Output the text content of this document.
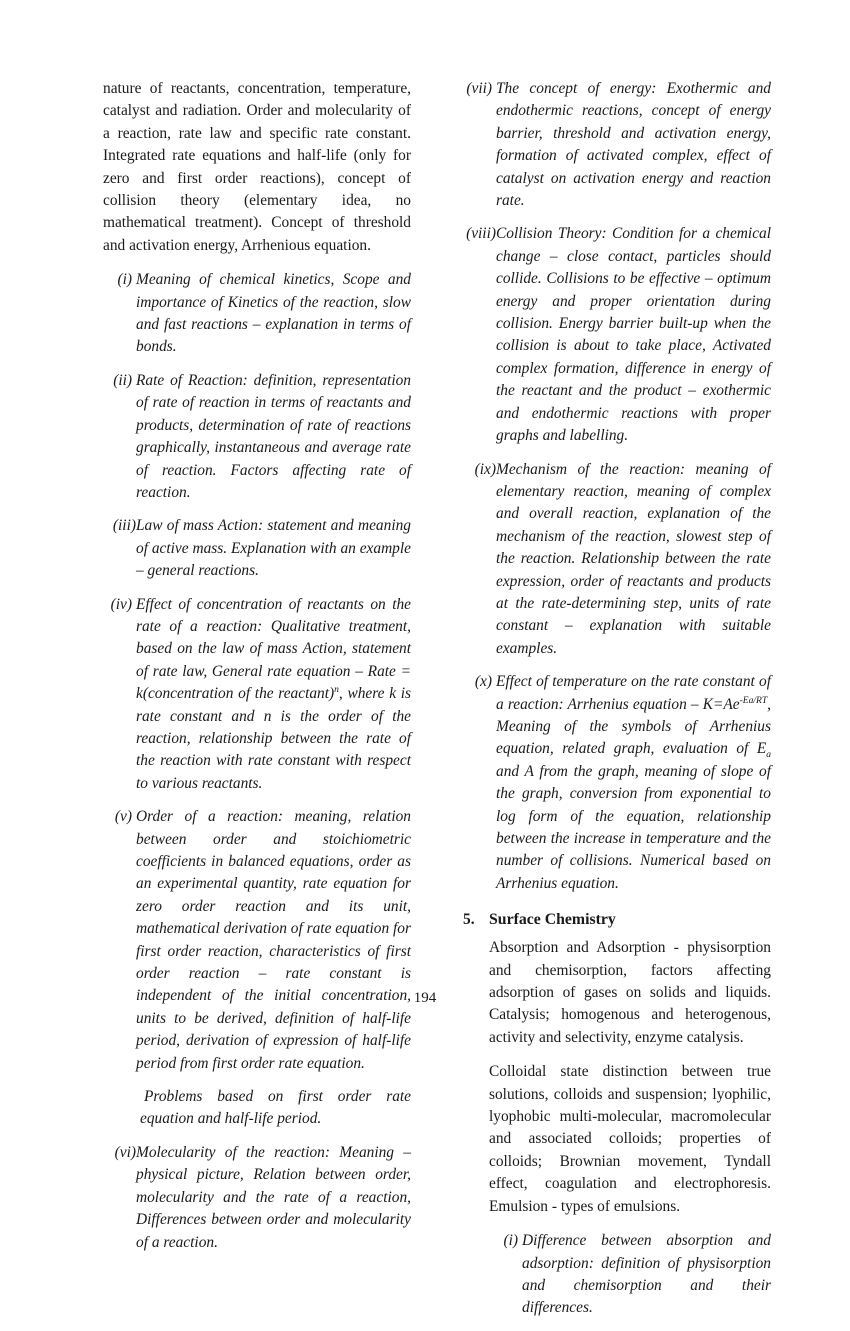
nature of reactants, concentration, temperature, catalyst and radiation. Order and molecularity of a reaction, rate law and specific rate constant. Integrated rate equations and half-life (only for zero and first order reactions), concept of collision theory (elementary idea, no mathematical treatment). Concept of threshold and activation energy, Arrhenious equation.

(i) Meaning of chemical kinetics, Scope and importance of Kinetics of the reaction, slow and fast reactions – explanation in terms of bonds.
(ii) Rate of Reaction: definition, representation of rate of reaction in terms of reactants and products, determination of rate of reactions graphically, instantaneous and average rate of reaction. Factors affecting rate of reaction.
(iii) Law of mass Action: statement and meaning of active mass. Explanation with an example – general reactions.
(iv) Effect of concentration of reactants on the rate of a reaction: Qualitative treatment, based on the law of mass Action, statement of rate law, General rate equation – Rate = k(concentration of the reactant)$^n$, where k is rate constant and n is the order of the reaction, relationship between the rate of the reaction with rate constant with respect to various reactants.
(v) Order of a reaction: meaning, relation between order and stoichiometric coefficients in balanced equations, order as an experimental quantity, rate equation for zero order reaction and its unit, mathematical derivation of rate equation for first order reaction, characteristics of first order reaction – rate constant is independent of the initial concentration, units to be derived, definition of half-life period, derivation of expression of half-life period from first order rate equation.

Problems based on first order rate equation and half-life period.

(vi) Molecularity of the reaction: Meaning – physical picture, Relation between order, molecularity and the rate of a reaction, Differences between order and molecularity of a reaction.
(vii) The concept of energy: Exothermic and endothermic reactions, concept of energy barrier, threshold and activation energy, formation of activated complex, effect of catalyst on activation energy and reaction rate.
(viii) Collision Theory: Condition for a chemical change – close contact, particles should collide. Collisions to be effective – optimum energy and proper orientation during collision. Energy barrier built-up when the collision is about to take place, Activated complex formation, difference in energy of the reactant and the product – exothermic and endothermic reactions with proper graphs and labelling.
(ix) Mechanism of the reaction: meaning of elementary reaction, meaning of complex and overall reaction, explanation of the mechanism of the reaction, slowest step of the reaction. Relationship between the rate expression, order of reactants and products at the rate-determining step, units of rate constant – explanation with suitable examples.
(x) Effect of temperature on the rate constant of a reaction: Arrhenius equation – $K=Ae^{-Ea/RT}$, Meaning of the symbols of Arrhenius equation, related graph, evaluation of $E_a$ and A from the graph, meaning of slope of the graph, conversion from exponential to log form of the equation, relationship between the increase in temperature and the number of collisions. Numerical based on Arrhenius equation.
5. Surface Chemistry

Absorption and Adsorption - physisorption and chemisorption, factors affecting adsorption of gases on solids and liquids. Catalysis; homogenous and heterogenous, activity and selectivity, enzyme catalysis.

Colloidal state distinction between true solutions, colloids and suspension; lyophilic, lyophobic multi-molecular, macromolecular and associated colloids; properties of colloids; Brownian movement, Tyndall effect, coagulation and electrophoresis. Emulsion - types of emulsions.

(i) Difference between absorption and adsorption: definition of physisorption and chemisorption and their differences.
194
